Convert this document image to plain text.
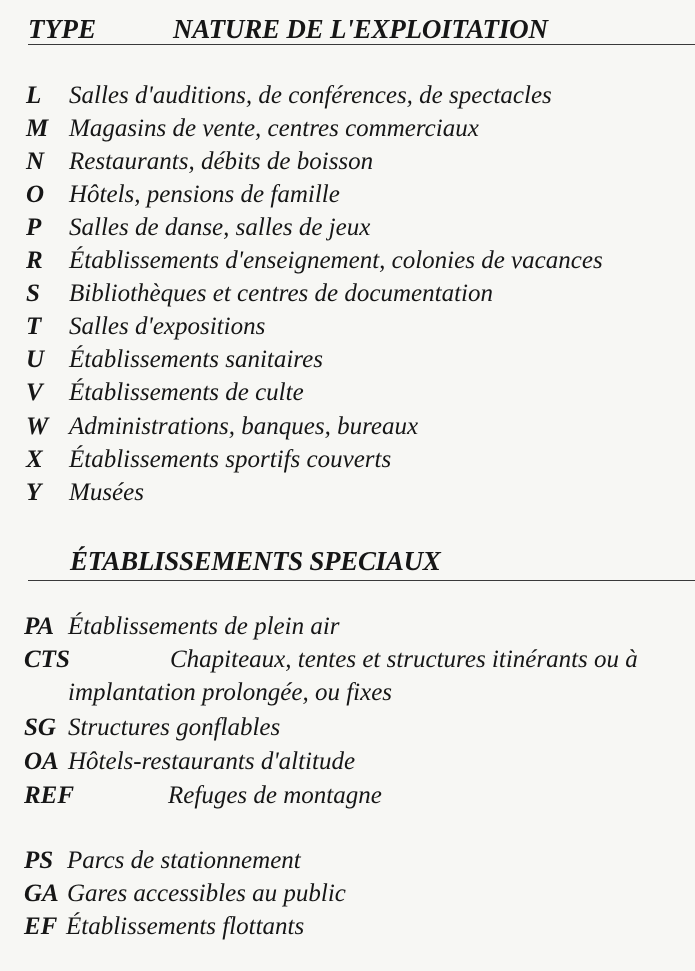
TYPE	NATURE DE L'EXPLOITATION
L Salles d'auditions, de conférences, de spectacles
M Magasins de vente, centres commerciaux
N Restaurants, débits de boisson
O Hôtels, pensions de famille
P Salles de danse, salles de jeux
R Établissements d'enseignement, colonies de vacances
S Bibliothèques et centres de documentation
T Salles d'expositions
U Établissements sanitaires
V Établissements de culte
W Administrations, banques, bureaux
X Établissements sportifs couverts
Y Musées
ÉTABLISSEMENTS SPECIAUX
PA Établissements de plein air
CTS	Chapiteaux, tentes et structures itinérants ou à
implantation prolongée, ou fixes
SG Structures gonflables
OA Hôtels-restaurants d'altitude
REF	Refuges de montagne
PS Parcs de stationnement
GA Gares accessibles au public
EF Établissements flottants
